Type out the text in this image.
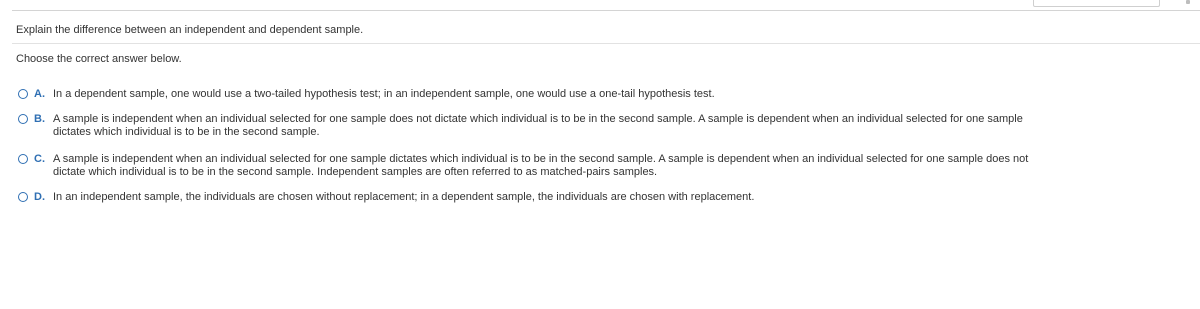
Explain the difference between an independent and dependent sample.
Choose the correct answer below.
A. In a dependent sample, one would use a two-tailed hypothesis test; in an independent sample, one would use a one-tail hypothesis test.
B. A sample is independent when an individual selected for one sample does not dictate which individual is to be in the second sample. A sample is dependent when an individual selected for one sample
dictates which individual is to be in the second sample.
C. A sample is independent when an individual selected for one sample dictates which individual is to be in the second sample. A sample is dependent when an individual selected for one sample does not
dictate which individual is to be in the second sample. Independent samples are often referred to as matched-pairs samples.
D. In an independent sample, the individuals are chosen without replacement; in a dependent sample, the individuals are chosen with replacement.
